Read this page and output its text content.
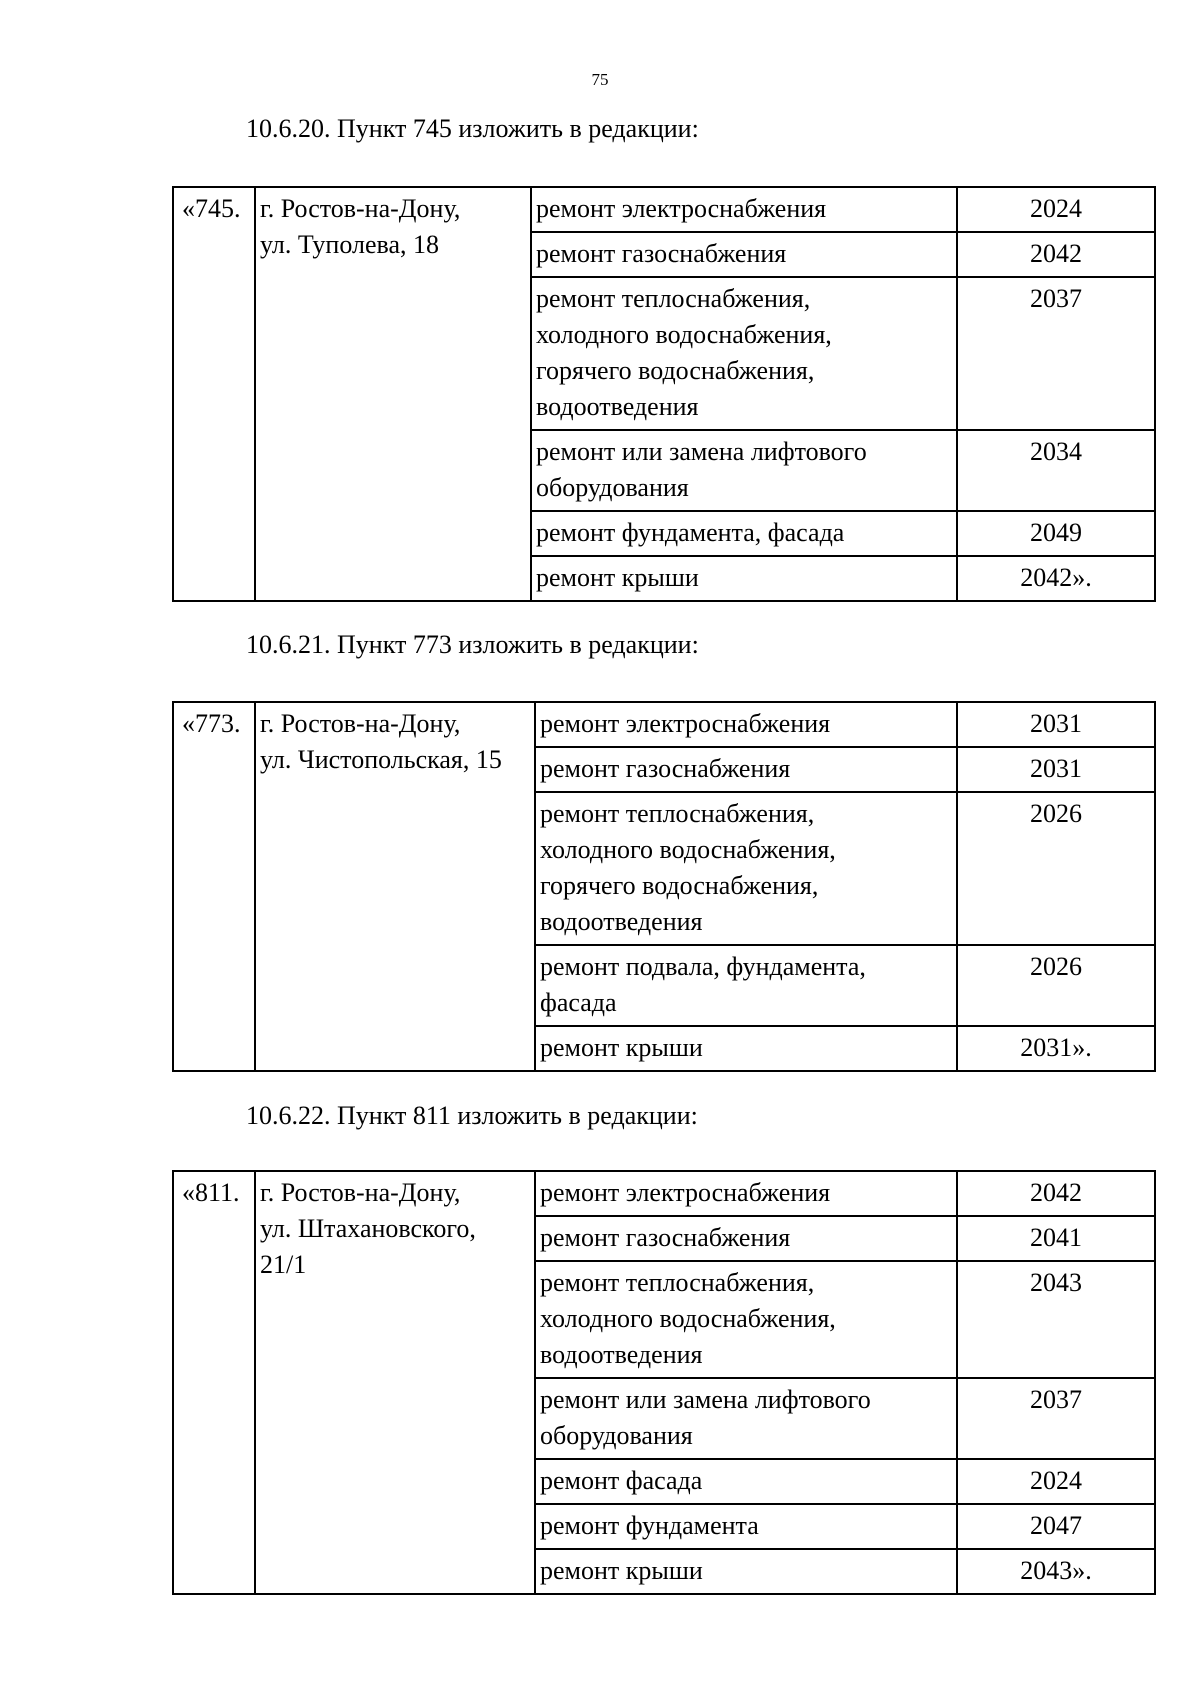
75
10.6.20. Пункт 745 изложить в редакции:
«745.	г. Ростов-на-Дону,
ул. Туполева, 18	ремонт электроснабжения	2024
		ремонт газоснабжения	2042
		ремонт теплоснабжения,
холодного водоснабжения,
горячего водоснабжения,
водоотведения	2037
		ремонт или замена лифтового
оборудования	2034
		ремонт фундамента, фасада	2049
		ремонт крыши	2042».
10.6.21. Пункт 773 изложить в редакции:
«773.	г. Ростов-на-Дону,
ул. Чистопольская, 15	ремонт электроснабжения	2031
		ремонт газоснабжения	2031
		ремонт теплоснабжения,
холодного водоснабжения,
горячего водоснабжения,
водоотведения	2026
		ремонт подвала, фундамента,
фасада	2026
		ремонт крыши	2031».
10.6.22. Пункт 811 изложить в редакции:
«811.	г. Ростов-на-Дону,
ул. Штахановского,
21/1	ремонт электроснабжения	2042
		ремонт газоснабжения	2041
		ремонт теплоснабжения,
холодного водоснабжения,
водоотведения	2043
		ремонт или замена лифтового
оборудования	2037
		ремонт фасада	2024
		ремонт фундамента	2047
		ремонт крыши	2043».
